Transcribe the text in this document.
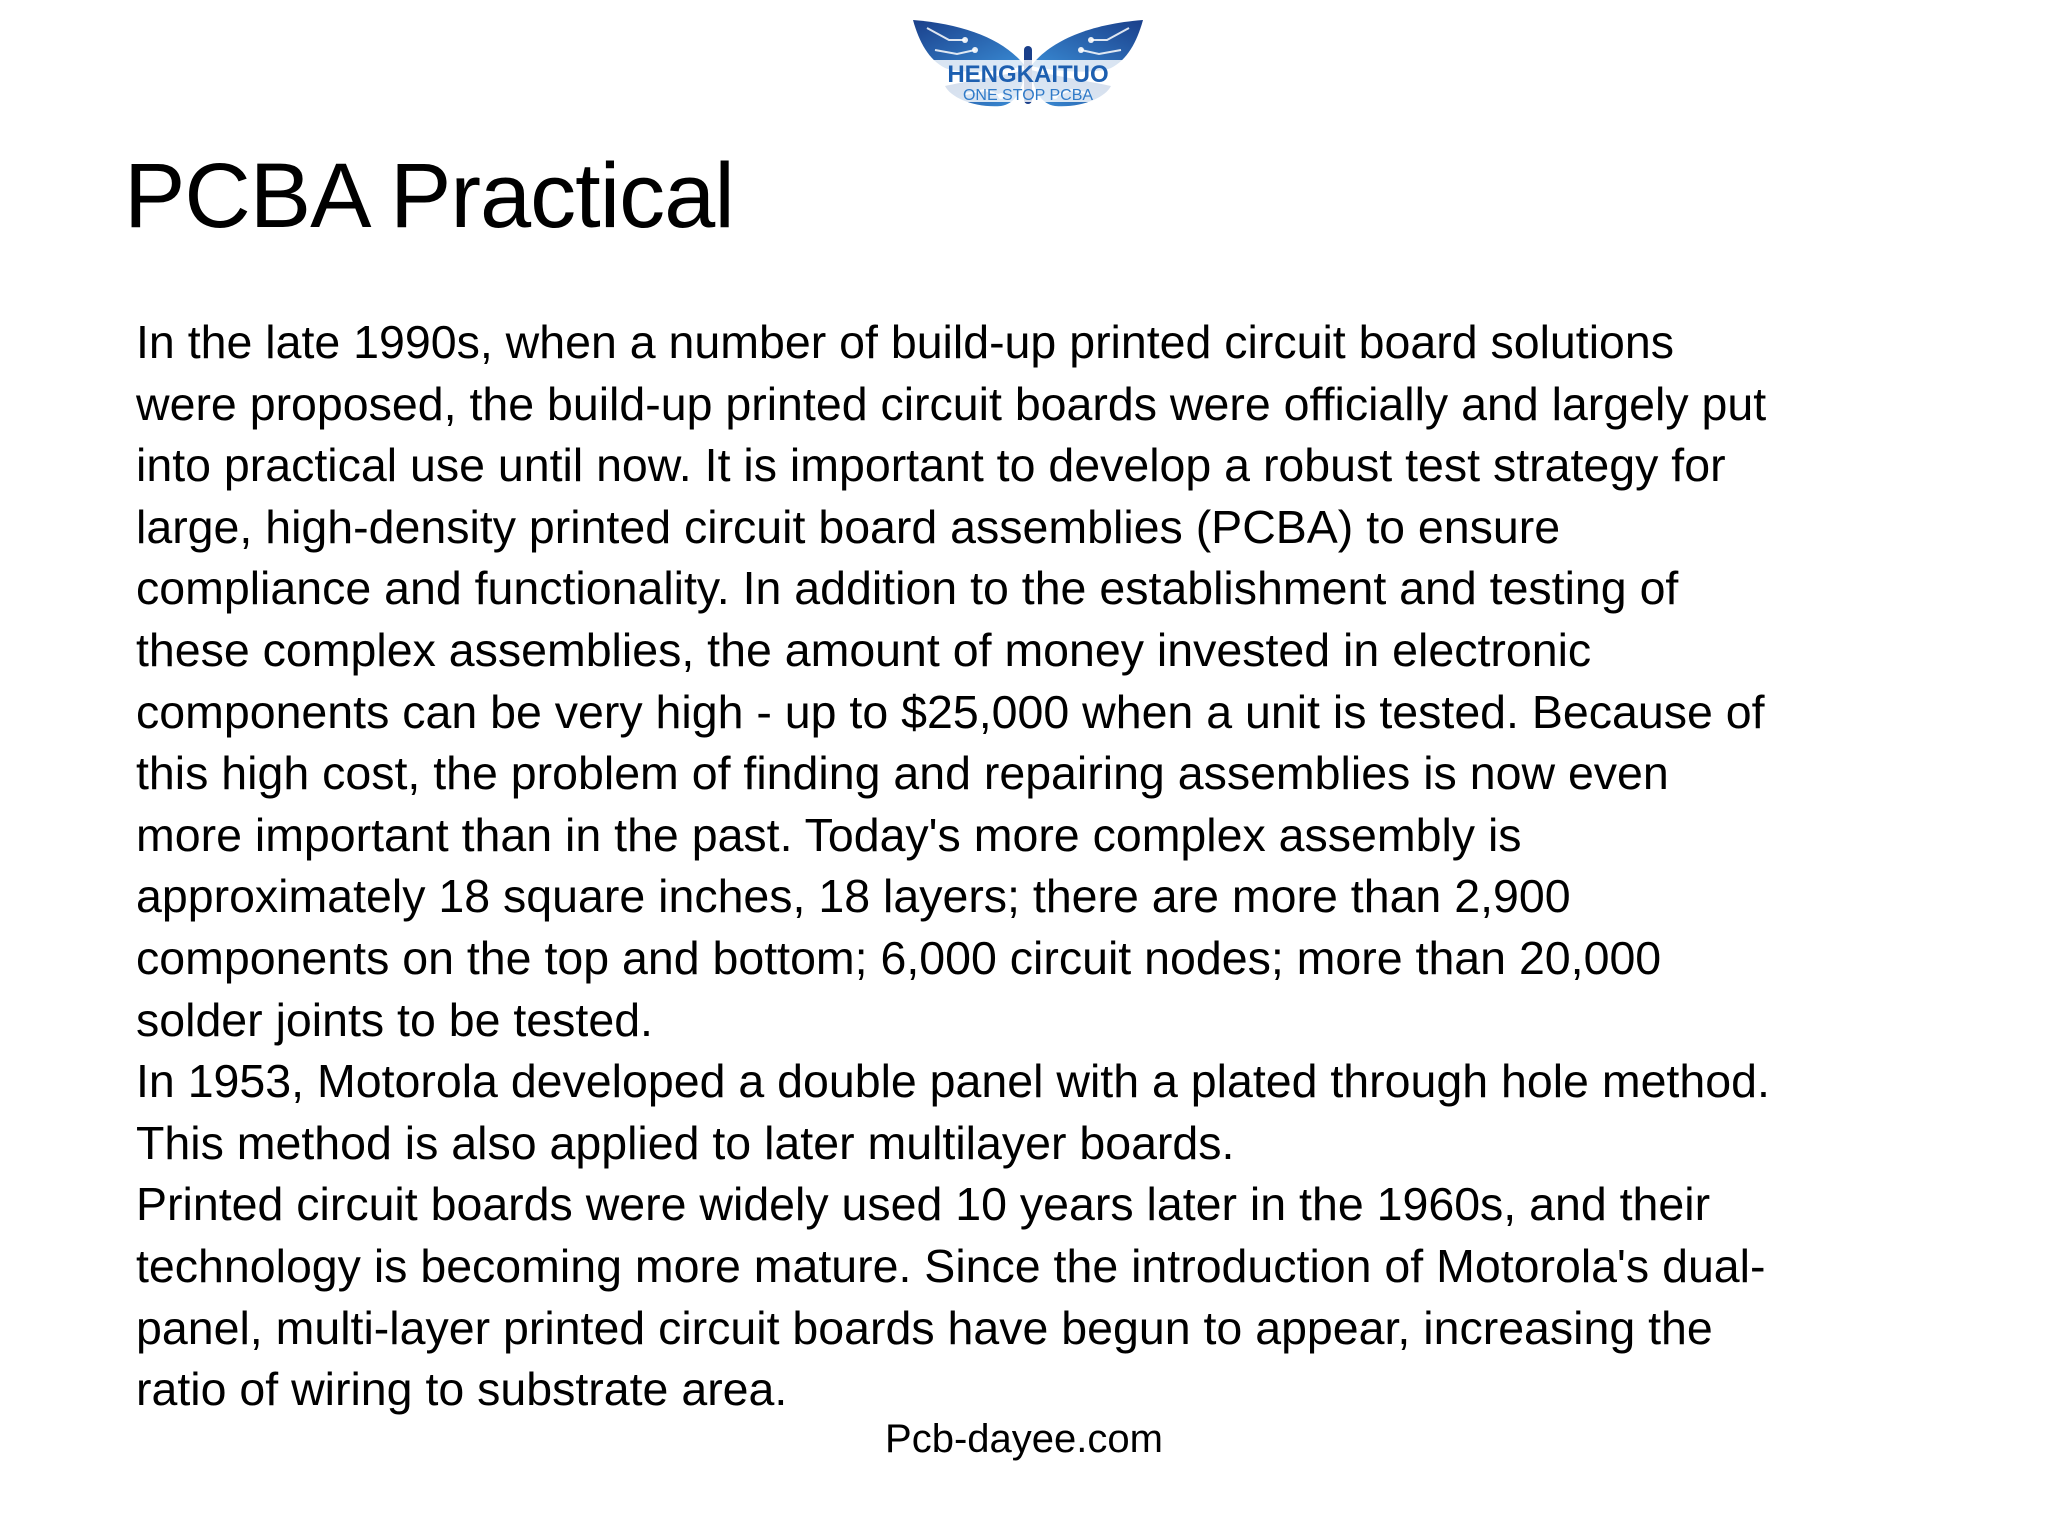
HENGKAITUO
ONE STOP PCBA
PCBA Practical
In the late 1990s, when a number of build-up printed circuit board solutions
were proposed, the build-up printed circuit boards were officially and largely put
into practical use until now. It is important to develop a robust test strategy for
large, high-density printed circuit board assemblies (PCBA) to ensure
compliance and functionality. In addition to the establishment and testing of
these complex assemblies, the amount of money invested in electronic
components can be very high - up to $25,000 when a unit is tested. Because of
this high cost, the problem of finding and repairing assemblies is now even
more important than in the past. Today's more complex assembly is
approximately 18 square inches, 18 layers; there are more than 2,900
components on the top and bottom; 6,000 circuit nodes; more than 20,000
solder joints to be tested.
In 1953, Motorola developed a double panel with a plated through hole method.
This method is also applied to later multilayer boards.
Printed circuit boards were widely used 10 years later in the 1960s, and their
technology is becoming more mature. Since the introduction of Motorola's dual-
panel, multi-layer printed circuit boards have begun to appear, increasing the
ratio of wiring to substrate area.
Pcb-dayee.com
